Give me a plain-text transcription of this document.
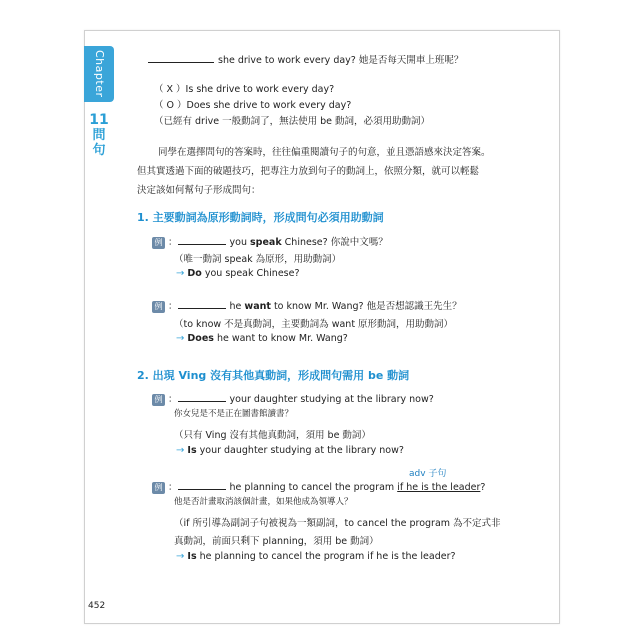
Chapter
11
問句
she drive to work every day? 她是否每天開車上班呢？
（ X ）Is she drive to work every day?
（ O ）Does she drive to work every day?
（已經有 drive 一般動詞了，無法使用 be 動詞，必須用助動詞）
同學在選擇問句的答案時，往往偏重閱讀句子的句意，並且憑語感來決定答案。
但其實透過下面的破題技巧，把專注力放到句子的動詞上，依照分類，就可以輕鬆
決定該如何幫句子形成問句：
1. 主要動詞為原形動詞時，形成問句必須用助動詞
例 ：	you speak Chinese? 你說中文嗎？
（唯一動詞 speak 為原形，用助動詞）
→ Do you speak Chinese?
例 ：	he want to know Mr. Wang? 他是否想認識王先生？
（to know 不是真動詞，主要動詞為 want 原形動詞，用助動詞）
→ Does he want to know Mr. Wang?
2. 出現 Ving 沒有其他真動詞，形成問句需用 be 動詞
例 ：	your daughter studying at the library now?
你女兒是不是正在圖書館讀書？
（只有 Ving 沒有其他真動詞，須用 be 動詞）
→ Is your daughter studying at the library now?
adv 子句
例 ：	he planning to cancel the program if he is the leader?
他是否計畫取消該個計畫，如果他成為領導人？
（if 所引導為副詞子句被視為一類副詞，to cancel the program 為不定式非
真動詞，前面只剩下 planning，須用 be 動詞）
→ Is he planning to cancel the program if he is the leader?
452
